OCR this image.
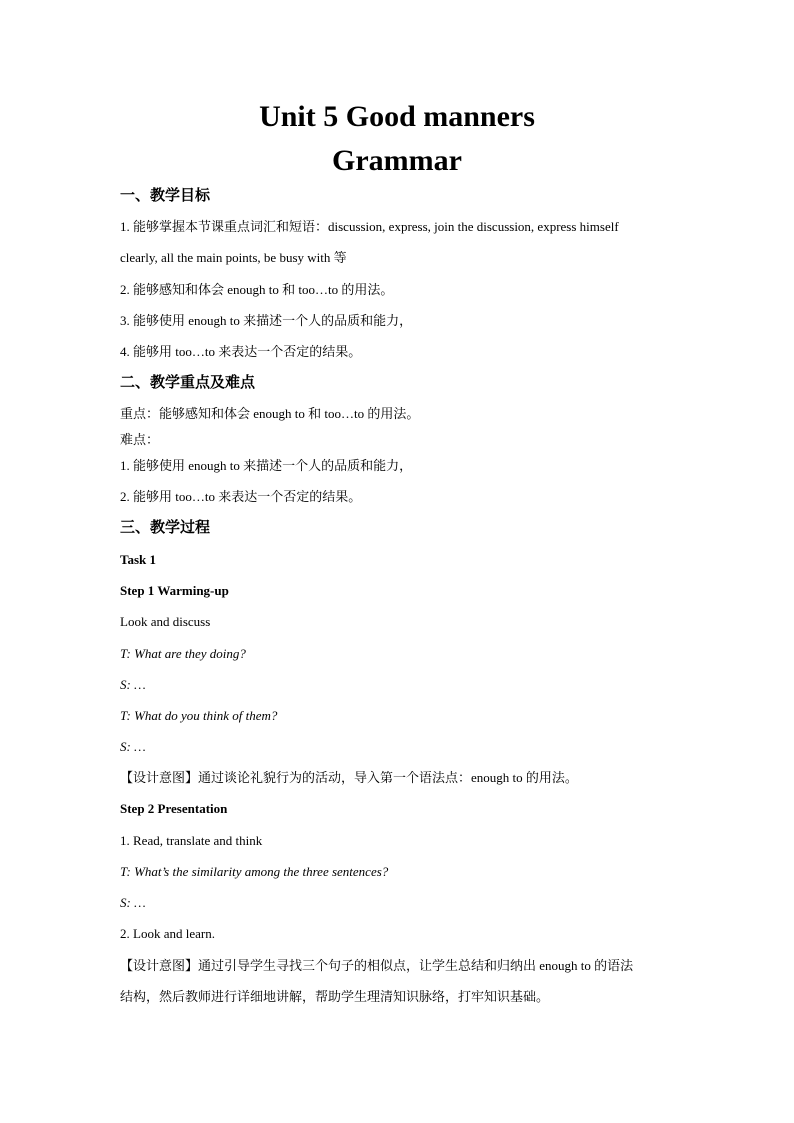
Unit 5 Good manners
Grammar
一、教学目标
1. 能够掌握本节课重点词汇和短语：discussion, express, join the discussion, express himself
clearly, all the main points, be busy with 等
2. 能够感知和体会 enough to 和 too…to 的用法。
3. 能够使用 enough to 来描述一个人的品质和能力，
4. 能够用 too…to 来表达一个否定的结果。
二、教学重点及难点
重点：能够感知和体会 enough to 和 too…to 的用法。
难点：
1. 能够使用 enough to 来描述一个人的品质和能力，
2. 能够用 too…to 来表达一个否定的结果。
三、教学过程
Task 1
Step 1 Warming-up
Look and discuss
T: What are they doing?
S: …
T: What do you think of them?
S: …
【设计意图】通过谈论礼貌行为的活动，导入第一个语法点：enough to 的用法。
Step 2 Presentation
1. Read, translate and think
T: What’s the similarity among the three sentences?
S: …
2. Look and learn.
【设计意图】通过引导学生寻找三个句子的相似点，让学生总结和归纳出 enough to 的语法
结构，然后教师进行详细地讲解，帮助学生理清知识脉络，打牢知识基础。
